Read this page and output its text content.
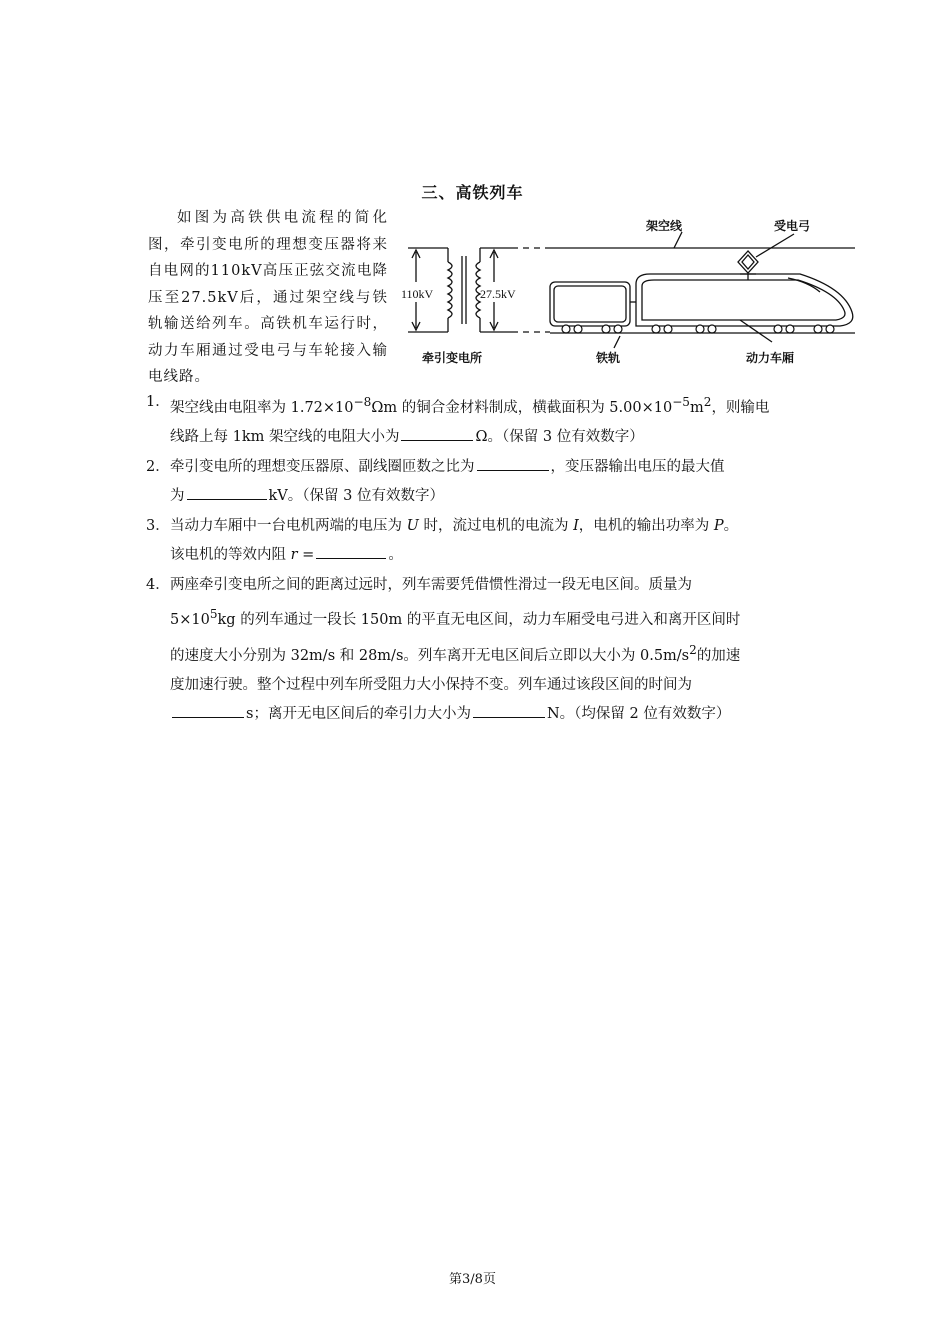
三、高铁列车
如图为高铁供电流程的简化图，牵引变电所的理想变压器将来自电网的110kV高压正弦交流电降压至27.5kV后，通过架空线与铁轨输送给列车。高铁机车运行时，动力车厢通过受电弓与车轮接入输电线路。
110kV	27.5kV
牵引变电所
架空线	受电弓
铁轨	动力车厢
1． 架空线由电阻率为 $1.72\times 10^{-8}\Omega m$ 的铜合金材料制成，横截面积为 $5.00\times 10^{-5}m^2$，则输电
线路上每 1km 架空线的电阻大小为	Ω。（保留 3 位有效数字）
2． 牵引变电所的理想变压器原、副线圈匝数之比为	，变压器输出电压的最大值
为	kV。（保留 3 位有效数字）
3． 当动力车厢中一台电机两端的电压为 U 时，流过电机的电流为 I，电机的输出功率为 P。
该电机的等效内阻 r =	。
4． 两座牵引变电所之间的距离过远时，列车需要凭借惯性滑过一段无电区间。质量为
$5\times 10^5kg$ 的列车通过一段长 150m 的平直无电区间，动力车厢受电弓进入和离开区间时
的速度大小分别为 32m/s 和 28m/s。列车离开无电区间后立即以大小为 $0.5m/s^2$的加速
度加速行驶。整个过程中列车所受阻力大小保持不变。列车通过该段区间的时间为
s；离开无电区间后的牵引力大小为	N。（均保留 2 位有效数字）
第3/8页
